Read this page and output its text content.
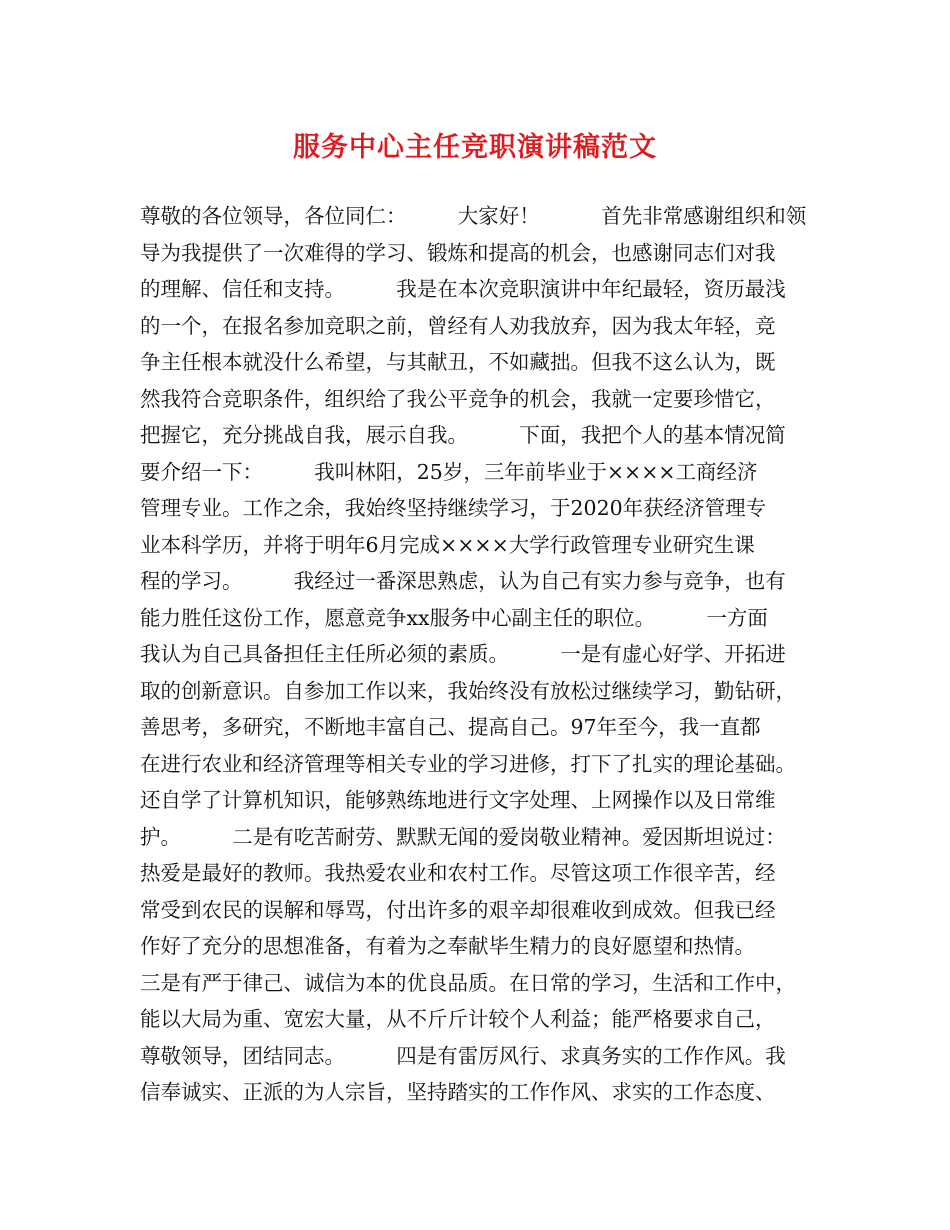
服务中心主任竞职演讲稿范文
尊敬的各位领导，各位同仁：　　　大家好！　　　首先非常感谢组织和领
导为我提供了一次难得的学习、锻炼和提高的机会，也感谢同志们对我
的理解、信任和支持。　　　我是在本次竞职演讲中年纪最轻，资历最浅
的一个，在报名参加竞职之前，曾经有人劝我放弃，因为我太年轻，竞
争主任根本就没什么希望，与其献丑，不如藏拙。但我不这么认为，既
然我符合竞职条件，组织给了我公平竞争的机会，我就一定要珍惜它，
把握它，充分挑战自我，展示自我。　　　下面，我把个人的基本情况简
要介绍一下：　　　我叫林阳，25岁，三年前毕业于××××工商经济
管理专业。工作之余，我始终坚持继续学习，于2020年获经济管理专
业本科学历，并将于明年6月完成××××大学行政管理专业研究生课
程的学习。　　　我经过一番深思熟虑，认为自己有实力参与竞争，也有
能力胜任这份工作，愿意竞争xx服务中心副主任的职位。　　　一方面
我认为自己具备担任主任所必须的素质。　　　一是有虚心好学、开拓进
取的创新意识。自参加工作以来，我始终没有放松过继续学习，勤钻研，
善思考，多研究，不断地丰富自己、提高自己。97年至今，我一直都
在进行农业和经济管理等相关专业的学习进修，打下了扎实的理论基础。
还自学了计算机知识，能够熟练地进行文字处理、上网操作以及日常维
护。　　　二是有吃苦耐劳、默默无闻的爱岗敬业精神。爱因斯坦说过：
热爱是最好的教师。我热爱农业和农村工作。尽管这项工作很辛苦，经
常受到农民的误解和辱骂，付出许多的艰辛却很难收到成效。但我已经
作好了充分的思想准备，有着为之奉献毕生精力的良好愿望和热情。
三是有严于律己、诚信为本的优良品质。在日常的学习，生活和工作中，
能以大局为重、宽宏大量，从不斤斤计较个人利益；能严格要求自己，
尊敬领导，团结同志。　　　四是有雷厉风行、求真务实的工作作风。我
信奉诚实、正派的为人宗旨，坚持踏实的工作作风、求实的工作态度、
